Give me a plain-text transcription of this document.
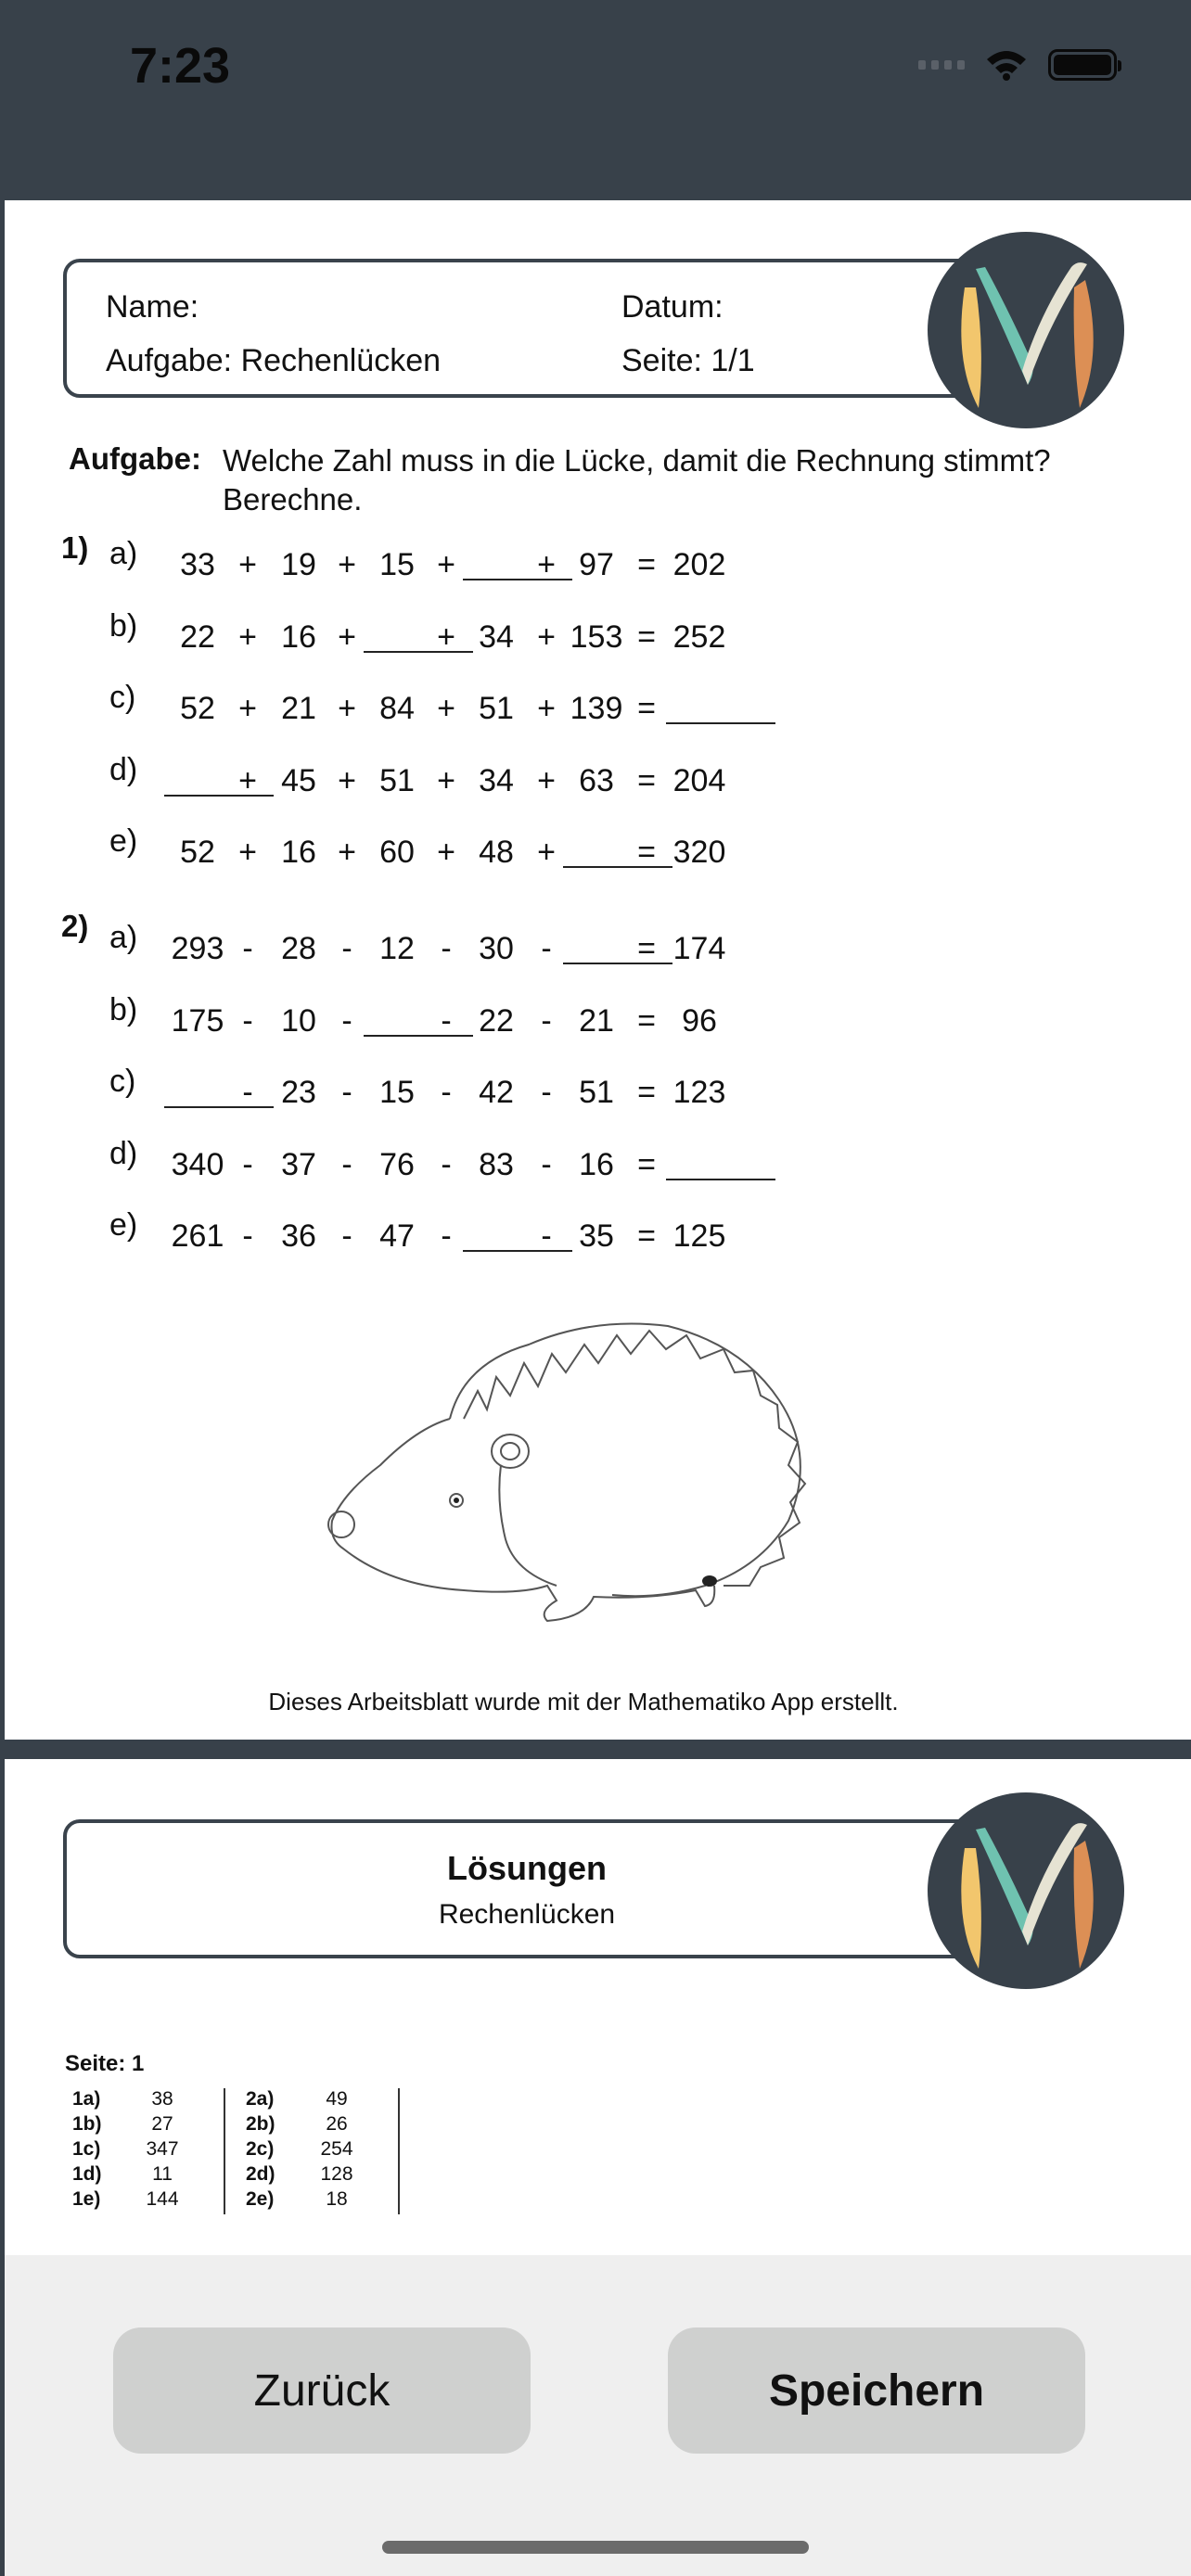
7:23
Name:	Datum:
Aufgabe: Rechenlücken	Seite: 1/1
Aufgabe: Welche Zahl muss in die Lücke, damit die Rechnung stimmt?
Berechne.
1)
2)
a) 33 + 19 + 15 +	+ 97 = 202
b) 22 + 16 +	+ 34 + 153 = 252
c) 52 + 21 + 84 + 51 + 139 =
d)	+ 45 + 51 + 34 + 63 = 204
e) 52 + 16 + 60 + 48 +	= 320
a) 293 - 28 - 12 - 30 -	= 174
b) 175 - 10 -	- 22 - 21 = 96
c)	- 23 - 15 - 42 - 51 = 123
d) 340 - 37 - 76 - 83 - 16 =
e) 261 - 36 - 47 -	- 35 = 125
Dieses Arbeitsblatt wurde mit der Mathematiko App erstellt.
Lösungen
Rechenlücken
Seite: 1
1a)	38
1b)	27
1c)	347
1d)	11
1e)	144
2a)	49
2b)	26
2c)	254
2d)	128
2e)	18
Zurück	Speichern
